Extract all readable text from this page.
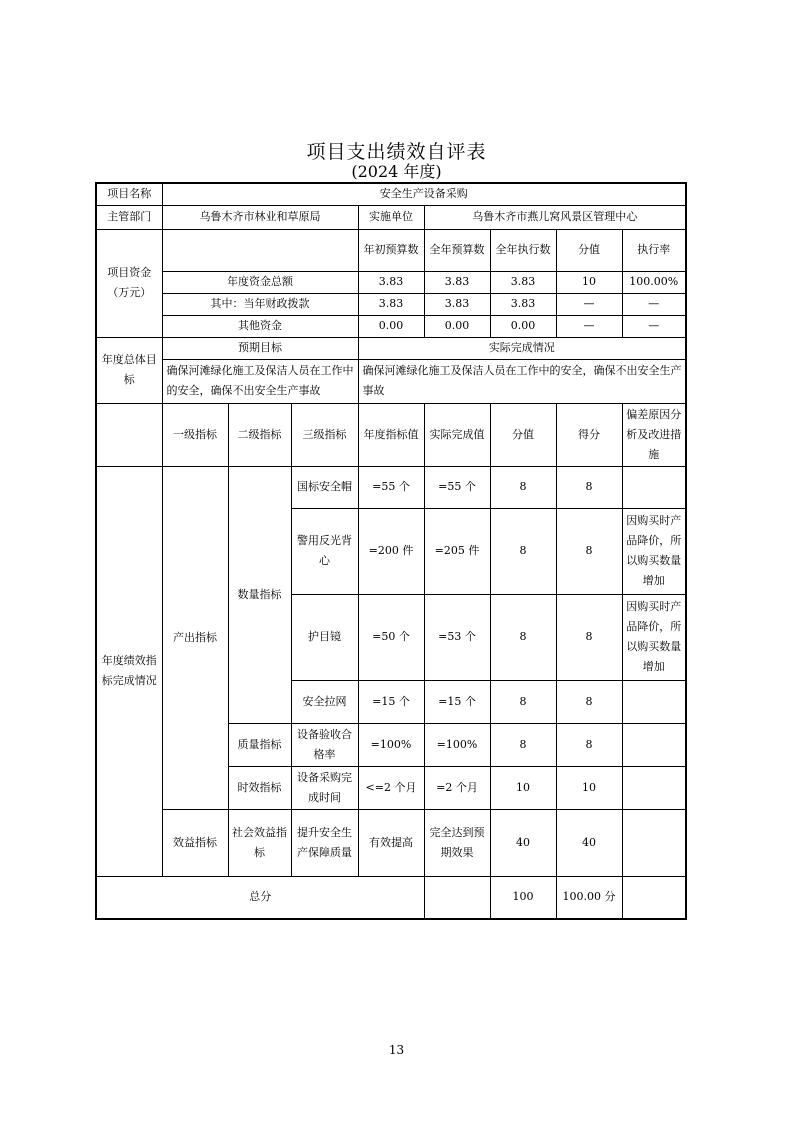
项目支出绩效自评表
(2024 年度)
项目名称	安全生产设备采购							
主管部门	乌鲁木齐市林业和草原局			实施单位	乌鲁木齐市燕儿窝风景区管理中心			
项目资金
（万元）				年初预算数	全年预算数	全年执行数	分值	执行率
	年度资金总额			3.83	3.83	3.83	10	100.00%
	其中：当年财政拨款			3.83	3.83	3.83	—	—
	其他资金			0.00	0.00	0.00	—	—
年度总体目标	预期目标			实际完成情况				
	确保河滩绿化施工及保洁人员在工作中的安全，确保不出安全生产事故			确保河滩绿化施工及保洁人员在工作中的安全，确保不出安全生产事故				
	一级指标	二级指标	三级指标	年度指标值	实际完成值	分值	得分	偏差原因分析及改进措施
年度绩效指标完成情况	产出指标	数量指标	国标安全帽	=55 个	=55 个	8	8	
			警用反光背心	=200 件	=205 件	8	8	因购买时产品降价，所以购买数量增加
			护目镜	=50 个	=53 个	8	8	因购买时产品降价，所以购买数量增加
			安全拉网	=15 个	=15 个	8	8	
		质量指标	设备验收合格率	=100%	=100%	8	8	
		时效指标	设备采购完成时间	<=2 个月	=2 个月	10	10	
	效益指标	社会效益指标	提升安全生产保障质量	有效提高	完全达到预期效果	40	40	
总分						100	100.00 分	
13
